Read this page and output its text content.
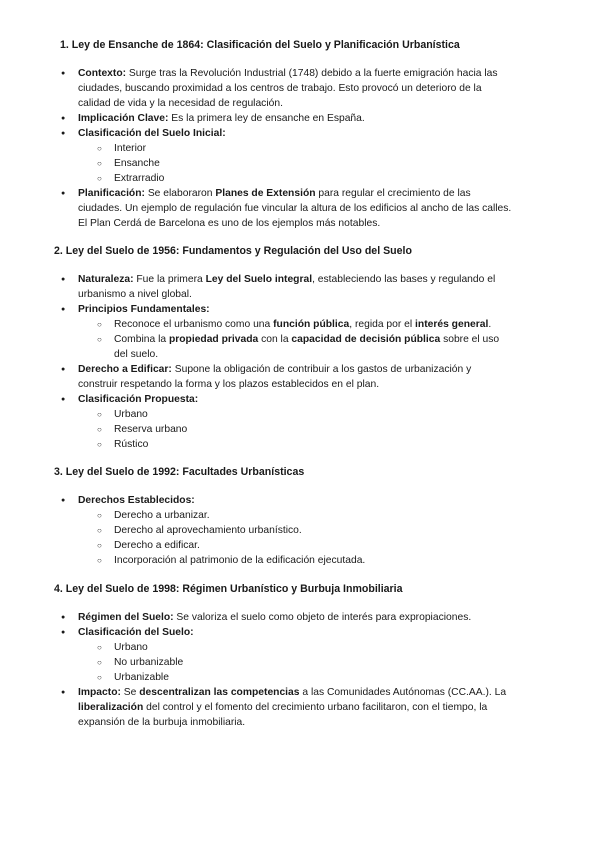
1. Ley de Ensanche de 1864: Clasificación del Suelo y Planificación Urbanística

● Contexto: Surge tras la Revolución Industrial (1748) debido a la fuerte emigración hacia las ciudades, buscando proximidad a los centros de trabajo. Esto provocó un deterioro de la calidad de vida y la necesidad de regulación.
● Implicación Clave: Es la primera ley de ensanche en España.
● Clasificación del Suelo Inicial:
○ Interior
○ Ensanche
○ Extrarradio
● Planificación: Se elaboraron Planes de Extensión para regular el crecimiento de las ciudades. Un ejemplo de regulación fue vincular la altura de los edificios al ancho de las calles. El Plan Cerdá de Barcelona es uno de los ejemplos más notables.

2. Ley del Suelo de 1956: Fundamentos y Regulación del Uso del Suelo

● Naturaleza: Fue la primera Ley del Suelo integral, estableciendo las bases y regulando el urbanismo a nivel global.
● Principios Fundamentales:
○ Reconoce el urbanismo como una función pública, regida por el interés general.
○ Combina la propiedad privada con la capacidad de decisión pública sobre el uso del suelo.
● Derecho a Edificar: Supone la obligación de contribuir a los gastos de urbanización y construir respetando la forma y los plazos establecidos en el plan.
● Clasificación Propuesta:
○ Urbano
○ Reserva urbano
○ Rústico

3. Ley del Suelo de 1992: Facultades Urbanísticas

● Derechos Establecidos:
○ Derecho a urbanizar.
○ Derecho al aprovechamiento urbanístico.
○ Derecho a edificar.
○ Incorporación al patrimonio de la edificación ejecutada.

4. Ley del Suelo de 1998: Régimen Urbanístico y Burbuja Inmobiliaria

● Régimen del Suelo: Se valoriza el suelo como objeto de interés para expropiaciones.
● Clasificación del Suelo:
○ Urbano
○ No urbanizable
○ Urbanizable
● Impacto: Se descentralizan las competencias a las Comunidades Autónomas (CC.AA.). La liberalización del control y el fomento del crecimiento urbano facilitaron, con el tiempo, la expansión de la burbuja inmobiliaria.
